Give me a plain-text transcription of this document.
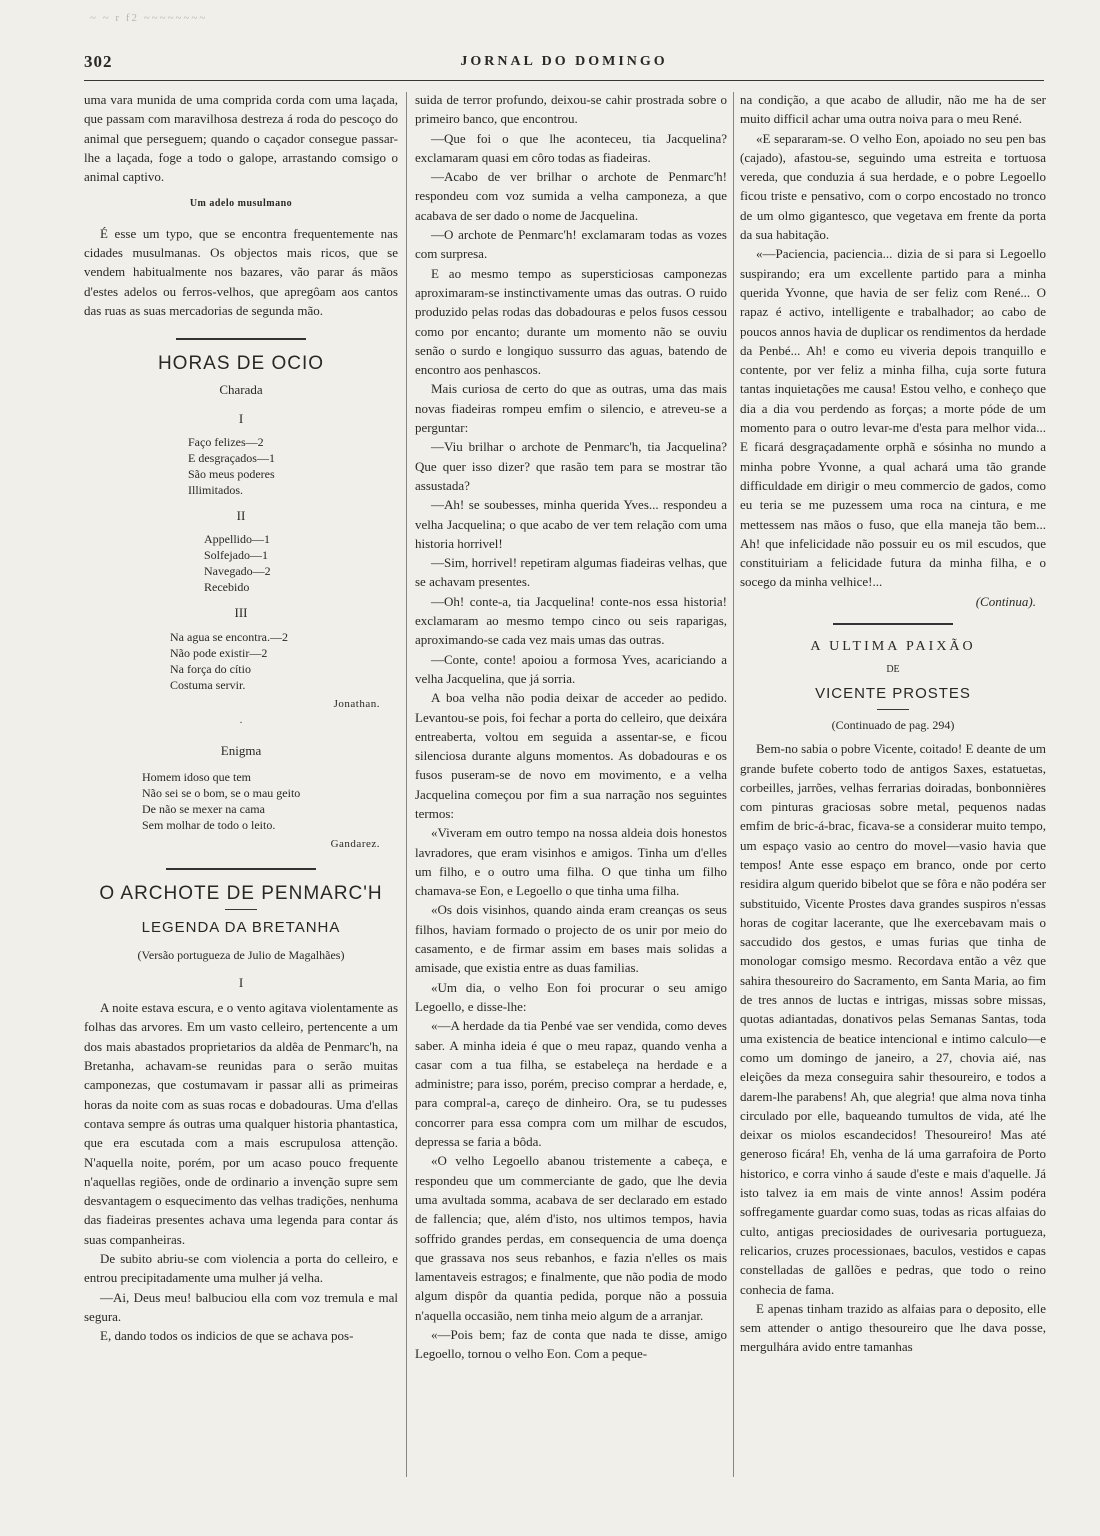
~ ~ r f2 ~~~~~~~~
302	JORNAL DO DOMINGO

uma vara munida de uma comprida corda com uma laçada, que passam com maravilhosa destreza á roda do pescoço do animal que perseguem; quando o caçador consegue passar-lhe a laçada, foge a todo o galope, arrastando comsigo o animal captivo.

Um adelo musulmano

É esse um typo, que se encontra frequentemente nas cidades musulmanas. Os objectos mais ricos, que se vendem habitualmente nos bazares, vão parar ás mãos d'estes adelos ou ferros-velhos, que apregôam aos cantos das ruas as suas mercadorias de segunda mão.

HORAS DE OCIO
Charada
I
Faço felizes—2
E desgraçados—1
São meus poderes
Illimitados.
II
Appellido—1
Solfejado—1
Navegado—2
Recebido
III
Na agua se encontra.—2
Não pode existir—2
Na força do cítio
Costuma servir.
Jonathan.
·
Enigma
Homem idoso que tem
Não sei se o bom, se o mau geito
De não se mexer na cama
Sem molhar de todo o leito.
Gandarez.
O ARCHOTE DE PENMARC'H
LEGENDA DA BRETANHA
(Versão portugueza de Julio de Magalhães)
I

A noite estava escura, e o vento agitava violentamente as folhas das arvores. Em um vasto celleiro, pertencente a um dos mais abastados proprietarios da aldêa de Penmarc'h, na Bretanha, achavam-se reunidas para o serão muitas camponezas, que costumavam ir passar alli as primeiras horas da noite com as suas rocas e dobadouras. Uma d'ellas contava sempre ás outras uma qualquer historia phantastica, que era escutada com a mais escrupulosa attenção. N'aquella noite, porém, por um acaso pouco frequente n'aquellas regiões, onde de ordinario a invenção supre sem desvantagem o esquecimento das velhas tradições, nenhuma das fiadeiras presentes achava uma legenda para contar ás suas companheiras.

De subito abriu-se com violencia a porta do celleiro, e entrou precipitadamente uma mulher já velha.

—Ai, Deus meu! balbuciou ella com voz tremula e mal segura.

E, dando todos os indicios de que se achava pos-

suida de terror profundo, deixou-se cahir prostrada sobre o primeiro banco, que encontrou.

—Que foi o que lhe aconteceu, tia Jacquelina? exclamaram quasi em côro todas as fiadeiras.

—Acabo de ver brilhar o archote de Penmarc'h! respondeu com voz sumida a velha camponeza, a que acabava de ser dado o nome de Jacquelina.

—O archote de Penmarc'h! exclamaram todas as vozes com surpresa.

E ao mesmo tempo as supersticiosas camponezas aproximaram-se instinctivamente umas das outras. O ruido produzido pelas rodas das dobadouras e pelos fusos cessou como por encanto; durante um momento não se ouviu senão o surdo e longiquo sussurro das aguas, batendo de encontro aos penhascos.

Mais curiosa de certo do que as outras, uma das mais novas fiadeiras rompeu emfim o silencio, e atreveu-se a perguntar:

—Viu brilhar o archote de Penmarc'h, tia Jacquelina? Que quer isso dizer? que rasão tem para se mostrar tão assustada?

—Ah! se soubesses, minha querida Yves... respondeu a velha Jacquelina; o que acabo de ver tem relação com uma historia horrivel!

—Sim, horrivel! repetiram algumas fiadeiras velhas, que se achavam presentes.

—Oh! conte-a, tia Jacquelina! conte-nos essa historia! exclamaram ao mesmo tempo cinco ou seis raparigas, aproximando-se cada vez mais umas das outras.

—Conte, conte! apoiou a formosa Yves, acariciando a velha Jacquelina, que já sorria.

A boa velha não podia deixar de acceder ao pedido. Levantou-se pois, foi fechar a porta do celleiro, que deixára entreaberta, voltou em seguida a assentar-se, e ficou silenciosa durante alguns momentos. As dobadouras e os fusos puseram-se de novo em movimento, e a velha Jacquelina começou por fim a sua narração nos seguintes termos:

«Viveram em outro tempo na nossa aldeia dois honestos lavradores, que eram visinhos e amigos. Tinha um d'elles um filho, e o outro uma filha. O que tinha um filho chamava-se Eon, e Legoello o que tinha uma filha.

«Os dois visinhos, quando ainda eram creanças os seus filhos, haviam formado o projecto de os unir por meio do casamento, e de firmar assim em bases mais solidas a amisade, que existia entre as duas familias.

«Um dia, o velho Eon foi procurar o seu amigo Legoello, e disse-lhe:

«—A herdade da tia Penbé vae ser vendida, como deves saber. A minha ideia é que o meu rapaz, quando venha a casar com a tua filha, se estabeleça na herdade e a administre; para isso, porém, preciso comprar a herdade, e, para compral-a, careço de dinheiro. Ora, se tu pudesses concorrer para essa compra com um milhar de escudos, depressa se faria a bôda.

«O velho Legoello abanou tristemente a cabeça, e respondeu que um commerciante de gado, que lhe devia uma avultada somma, acabava de ser declarado em estado de fallencia; que, além d'isto, nos ultimos tempos, havia soffrido grandes perdas, em consequencia de uma doença que grassava nos seus rebanhos, e fazia n'elles os mais lamentaveis estragos; e finalmente, que não podia de modo algum dispôr da quantia pedida, porque não a possuia n'aquella occasião, nem tinha meio algum de a arranjar.

«—Pois bem; faz de conta que nada te disse, amigo Legoello, tornou o velho Eon. Com a peque-

na condição, a que acabo de alludir, não me ha de ser muito difficil achar uma outra noiva para o meu René.

«E separaram-se. O velho Eon, apoiado no seu pen bas (cajado), afastou-se, seguindo uma estreita e tortuosa vereda, que conduzia á sua herdade, e o pobre Legoello ficou triste e pensativo, com o corpo encostado no tronco de um olmo gigantesco, que vegetava em frente da porta da sua habitação.

«—Paciencia, paciencia... dizia de si para si Legoello suspirando; era um excellente partido para a minha querida Yvonne, que havia de ser feliz com René... O rapaz é activo, intelligente e trabalhador; ao cabo de poucos annos havia de duplicar os rendimentos da herdade da Penbé... Ah! e como eu viveria depois tranquillo e contente, por ver feliz a minha filha, cuja sorte futura tantas inquietações me causa! Estou velho, e conheço que dia a dia vou perdendo as forças; a morte póde de um momento para o outro levar-me d'esta para melhor vida... E ficará desgraçadamente orphã e sósinha no mundo a minha pobre Yvonne, a qual achará uma tão grande difficuldade em dirigir o meu commercio de gados, como eu teria se me puzessem uma roca na cintura, e me mettessem nas mãos o fuso, que ella maneja tão bem... Ah! que infelicidade não possuir eu os mil escudos, que constituiriam a felicidade futura da minha filha, e o socego da minha velhice!...

(Continua).
A ULTIMA PAIXÃO
DE
VICENTE PROSTES
(Continuado de pag. 294)

Bem-no sabia o pobre Vicente, coitado! E deante de um grande bufete coberto todo de antigos Saxes, estatuetas, corbeilles, jarrões, velhas ferrarias doiradas, bonbonnières com pinturas graciosas sobre metal, pequenos nadas emfim de bric-á-brac, ficava-se a considerar muito tempo, um espaço vasio ao centro do movel—vasio havia que tempos! Ante esse espaço em branco, onde por certo residira algum querido bibelot que se fôra e não podéra ser substituido, Vicente Prostes dava grandes suspiros n'essas horas de cogitar lacerante, que lhe exercebavam mais o saccudido dos gestos, e umas furias que tinha de monologar comsigo mesmo. Recordava então a vêz que sahira thesoureiro do Sacramento, em Santa Maria, ao fim de tres annos de luctas e intrigas, missas sobre missas, quotas adiantadas, donativos pelas Semanas Santas, toda uma existencia de beatice intencional e intimo calculo—e como um domingo de janeiro, a 27, chovia aié, nas eleições da meza conseguira sahir thesoureiro, e todos a darem-lhe parabens! Ah, que alegria! que alma nova tinha circulado por elle, baqueando tumultos de vida, até lhe deixar os miolos escandecidos! Thesoureiro! Mas até generoso ficára! Eh, venha de lá uma garrafoira de Porto historico, e corra vinho á saude d'este e mais d'aquelle. Já isto talvez ia em mais de vinte annos! Assim podéra soffregamente guardar como suas, todas as ricas alfaias do culto, antigas preciosidades de ourivesaria portugueza, relicarios, cruzes processionaes, baculos, vestidos e capas constelladas de gallões e pedras, que todo o reino conhecia de fama.

E apenas tinham trazido as alfaias para o deposito, elle sem attender o antigo thesoureiro que lhe dava posse, mergulhára avido entre tamanhas
